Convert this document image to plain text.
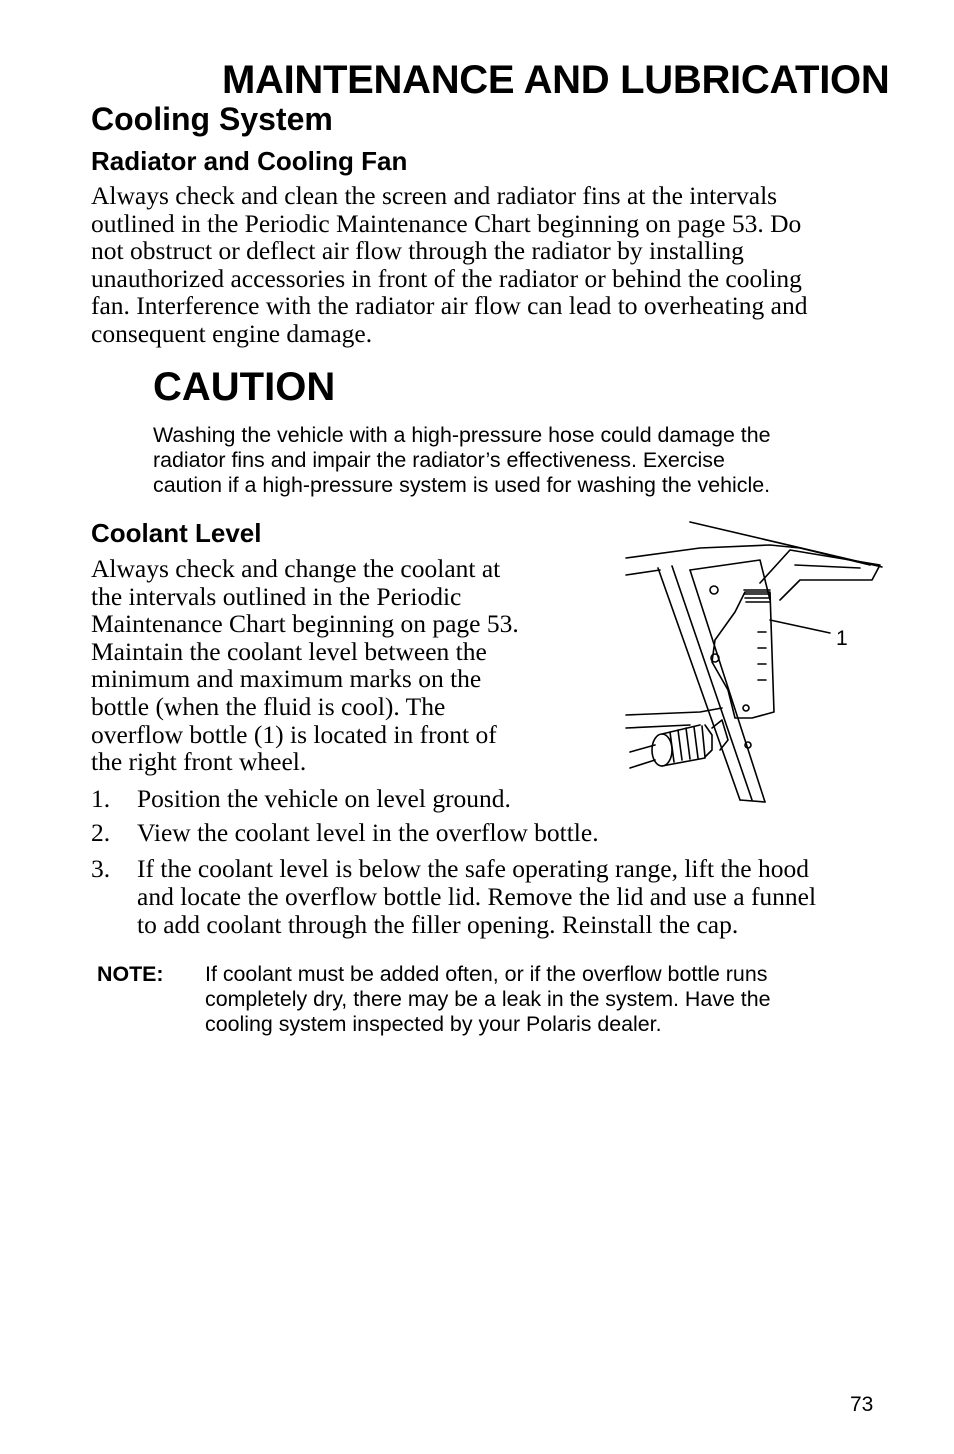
MAINTENANCE AND LUBRICATION
Cooling System
Radiator and Cooling Fan
Always check and clean the screen and radiator fins at the intervals
outlined in the Periodic Maintenance Chart beginning on page 53. Do
not obstruct or deflect air flow through the radiator by installing
unauthorized accessories in front of the radiator or behind the cooling
fan. Interference with the radiator air flow can lead to overheating and
consequent engine damage.
CAUTION
Washing the vehicle with a high-pressure hose could damage the
radiator fins and impair the radiator’s effectiveness. Exercise
caution if a high-pressure system is used for washing the vehicle.
Coolant Level
Always check and change the coolant at
the intervals outlined in the Periodic
Maintenance Chart beginning on page 53.
Maintain the coolant level between the
minimum and maximum marks on the
bottle (when the fluid is cool). The
overflow bottle (1) is located in front of
the right front wheel.
1
1. Position the vehicle on level ground.
2. View the coolant level in the overflow bottle.
3. If the coolant level is below the safe operating range, lift the hood
and locate the overflow bottle lid. Remove the lid and use a funnel
to add coolant through the filler opening. Reinstall the cap.
NOTE: If coolant must be added often, or if the overflow bottle runs
completely dry, there may be a leak in the system. Have the
cooling system inspected by your Polaris dealer.
73
